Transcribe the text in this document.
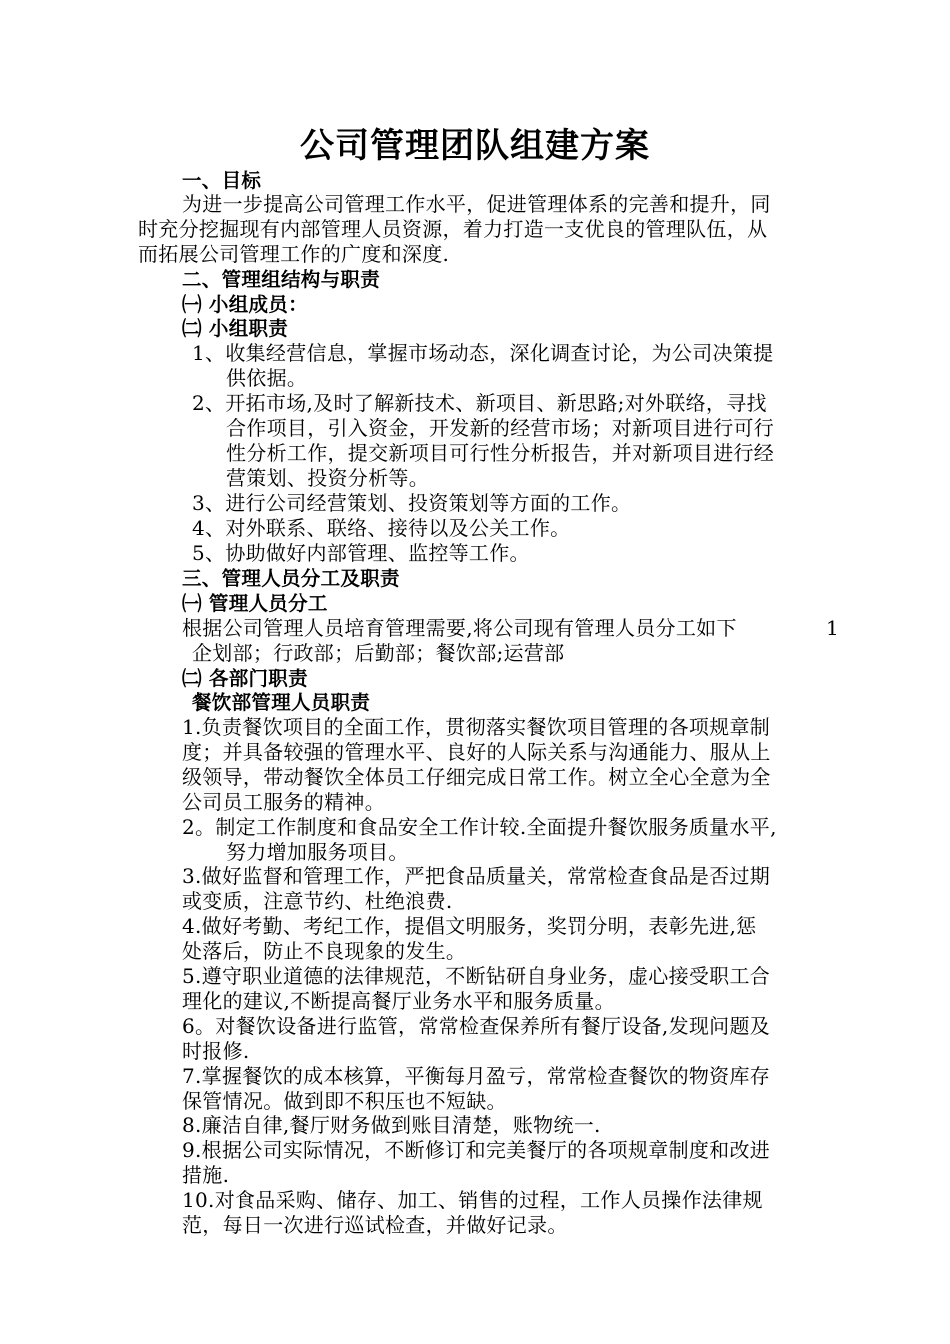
公司管理团队组建方案
一、目标
为进一步提高公司管理工作水平，促进管理体系的完善和提升，同
时充分挖掘现有内部管理人员资源，着力打造一支优良的管理队伍，从
而拓展公司管理工作的广度和深度.
二、管理组结构与职责
㈠ 小组成员：
㈡ 小组职责
1、收集经营信息，掌握市场动态，深化调查讨论，为公司决策提
供依据。
2、开拓市场,及时了解新技术、新项目、新思路;对外联络，寻找
合作项目，引入资金，开发新的经营市场；对新项目进行可行
性分析工作，提交新项目可行性分析报告，并对新项目进行经
营策划、投资分析等。
3、进行公司经营策划、投资策划等方面的工作。
4、对外联系、联络、接待以及公关工作。
5、协助做好内部管理、监控等工作。
三、管理人员分工及职责
㈠ 管理人员分工
根据公司管理人员培育管理需要,将公司现有管理人员分工如下	1
企划部；行政部；后勤部；餐饮部;运营部
㈡ 各部门职责
餐饮部管理人员职责
1.负责餐饮项目的全面工作，贯彻落实餐饮项目管理的各项规章制
度；并具备较强的管理水平、良好的人际关系与沟通能力、服从上
级领导，带动餐饮全体员工仔细完成日常工作。树立全心全意为全
公司员工服务的精神。
2。制定工作制度和食品安全工作计较.全面提升餐饮服务质量水平,
努力增加服务项目。
3.做好监督和管理工作，严把食品质量关，常常检查食品是否过期
或变质，注意节约、杜绝浪费.
4.做好考勤、考纪工作，提倡文明服务，奖罚分明，表彰先进,惩
处落后，防止不良现象的发生。
5.遵守职业道德的法律规范，不断钻研自身业务，虚心接受职工合
理化的建议,不断提高餐厅业务水平和服务质量。
6。对餐饮设备进行监管，常常检查保养所有餐厅设备,发现问题及
时报修.
7.掌握餐饮的成本核算，平衡每月盈亏，常常检查餐饮的物资库存
保管情况。做到即不积压也不短缺。
8.廉洁自律,餐厅财务做到账目清楚，账物统一.
9.根据公司实际情况，不断修订和完美餐厅的各项规章制度和改进
措施.
10.对食品采购、储存、加工、销售的过程，工作人员操作法律规
范，每日一次进行巡试检查，并做好记录。
